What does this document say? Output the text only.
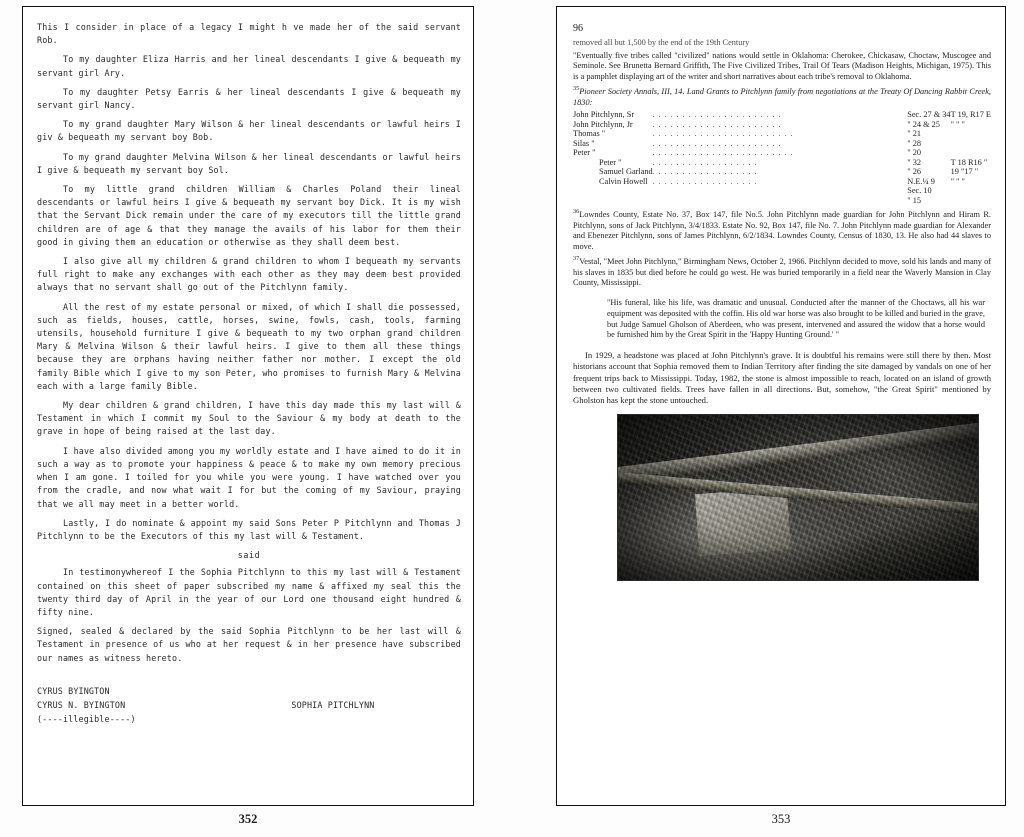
This I consider in place of a legacy I might h ve made her of the said servant Rob.

To my daughter Eliza Harris and her lineal descendants I give & bequeath my servant girl Ary.

To my daughter Petsy Earris & her lineal descendants I give & bequeath my servant girl Nancy.

To my grand daughter Mary Wilson & her lineal descendants or lawful heirs I giv & bequeath my servant boy Bob.

To my grand daughter Melvina Wilson & her lineal descendants or lawful heirs I give & bequeath my servant boy Sol.

To my little grand children William & Charles Poland their lineal descendants or lawful heirs I give & bequeath my servant boy Dick. It is my wish that the Servant Dick remain under the care of my executors till the little grand children are of age & that they manage the avails of his labor for them their good in giving them an education or otherwise as they shall deem best.

I also give all my children & grand children to whom I bequeath my servants full right to make any exchanges with each other as they may deem best provided always that no servant shall go out of the Pitchlynn family.

All the rest of my estate personal or mixed, of which I shall die possessed, such as fields, houses, cattle, horses, swine, fowls, cash, tools, farming utensils, household furniture I give & bequeath to my two orphan grand children Mary & Melvina Wilson & their lawful heirs. I give to them all these things because they are orphans having neither father nor mother. I except the old family Bible which I give to my son Peter, who promises to furnish Mary & Melvina each with a large family Bible.

My dear children & grand children, I have this day made this my last will & Testament in which I commit my Soul to the Saviour & my body at death to the grave in hope of being raised at the last day.

I have also divided among you my worldly estate and I have aimed to do it in such a way as to promote your happiness & peace & to make my own memory precious when I am gone. I toiled for you while you were young. I have watched over you from the cradle, and now what wait I for but the coming of my Saviour, praying that we all may meet in a better world.

Lastly, I do nominate & appoint my said Sons Peter P Pitchlynn and Thomas J Pitchlynn to be the Executors of this my last will & Testament.

said

In testimonywhereof I the Sophia Pitchlynn to this my last will & Testament contained on this sheet of paper subscribed my name & affixed my seal this the twenty third day of April in the year of our Lord one thousand eight hundred & fifty nine.

Signed, sealed & declared by the said Sophia Pitchlynn to be her last will & Testament in presence of us who at her request & in her presence have subscribed our names as witness hereto.

CYRUS BYINGTON
CYRUS N. BYINGTON	SOPHIA PITCHLYNN
(----illegible----)
352
96

removed all but 1,500 by the end of the 19th Century

"Eventually five tribes called "civilized" nations would settle in Oklahoma: Cherokee, Chickasaw, Choctaw, Muscogee and Seminole. See Brunetta Bernard Griffith, The Five Civilized Tribes, Trail Of Tears (Madison Heights, Michigan, 1975). This is a pamphlet displaying art of the writer and short narratives about each tribe's removal to Oklahoma.

$^{35}$Pioneer Society Annals, III, 14. Land Grants to Pitchlynn family from negotiations at the Treaty Of Dancing Rabbit Creek, 1830:

John Pitchlynn, Sr	. . . . . . . . . . . . . . . . . . . . . .	Sec. 27 & 34	T 19, R17 E
John Pitchlynn, Jr	. . . . . . . . . . . . . . . . . . . . . .	" 24 & 25	" " "
Thomas "	. . . . . . . . . . . . . . . . . . . . . . . .	" 21	
Silas "	. . . . . . . . . . . . . . . . . . . . . .	" 28	
Peter "	. . . . . . . . . . . . . . . . . . . . . . . .	" 20	
Peter "	. . . . . . . . . . . . . . . . . .	" 32	T 18 R16 "
Samuel Garland	. . . . . . . . . . . . . . . . . .	" 26	19 "17 "
Calvin Howell	. . . . . . . . . . . . . . . . . .	N.E.¼ 9	" " "
		Sec. 10	
		" 15	

$^{36}$Lowndes County, Estate No. 37, Box 147, file No.5. John Pitchlynn made guardian for John Pitchlynn and Hiram R. Pitchlynn, sons of Jack Pitchlynn, 3/4/1833. Estate No. 92, Box 147, file No. 7. John Pitchlynn made guardian for Alexander and Ebenezer Pitchlynn, sons of James Pitchlynn, 6/2/1834. Lowndes County, Census of 1830, 13. He also had 44 slaves to move.

$^{37}$Vestal, "Meet John Pitchlynn," Birmingham News, October 2, 1966. Pitchlynn decided to move, sold his lands and many of his slaves in 1835 but died before he could go west. He was buried temporarily in a field near the Waverly Mansion in Clay County, Mississippi.

"His funeral, like his life, was dramatic and unusual. Conducted after the manner of the Choctaws, all his war equipment was deposited with the coffin. His old war horse was also brought to be killed and buried in the grave, but Judge Samuel Gholson of Aberdeen, who was present, intervened and assured the widow that a horse would be furnished him by the Great Spirit in the 'Happy Hunting Ground.' "

In 1929, a headstone was placed at John Pitchlynn's grave. It is doubtful his remains were still there by then. Most historians account that Sophia removed them to Indian Territory after finding the site damaged by vandals on one of her frequent trips back to Mississippi. Today, 1982, the stone is almost impossible to reach, located on an island of growth between two cultivated fields. Trees have fallen in all directions. But, somehow, "the Great Spirit" mentioned by Gholston has kept the stone untouched.

353
